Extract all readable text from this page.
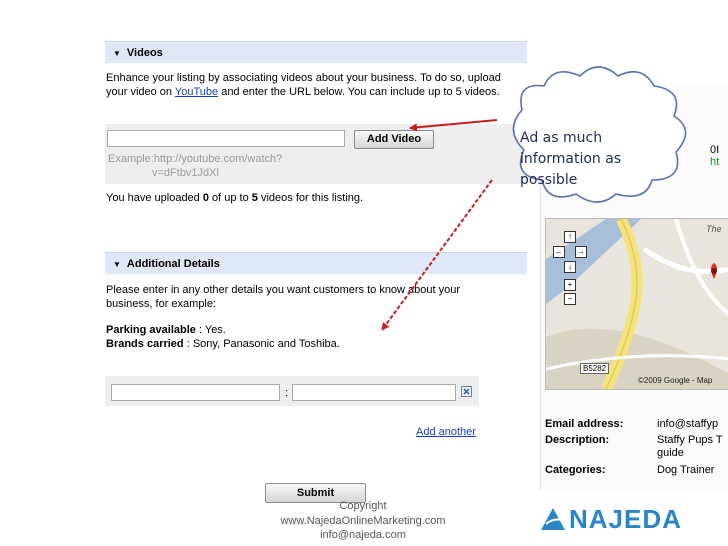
▼ Videos
Enhance your listing by associating videos about your business. To do so, upload
your video on YouTube and enter the URL below. You can include up to 5 videos.
Add Video
Example:http://youtube.com/watch?
v=dFtbv1JdXl
You have uploaded 0 of up to 5 videos for this listing.
▼ Additional Details
Please enter in any other details you want customers to know about your
business, for example:
Parking available : Yes.
Brands carried : Sony, Panasonic and Toshiba.
:
Add another
Submit
0I
ht
↑
← →
↓
+
−
The
B5282
©2009 Google - Map
Email address:	info@staffyp
Description:	Staffy Pups T
guide
Categories:	Dog Trainer
Ad as much
information as
possible
Copyright
www.NajedaOnlineMarketing.com
info@najeda.com
NAJEDA
